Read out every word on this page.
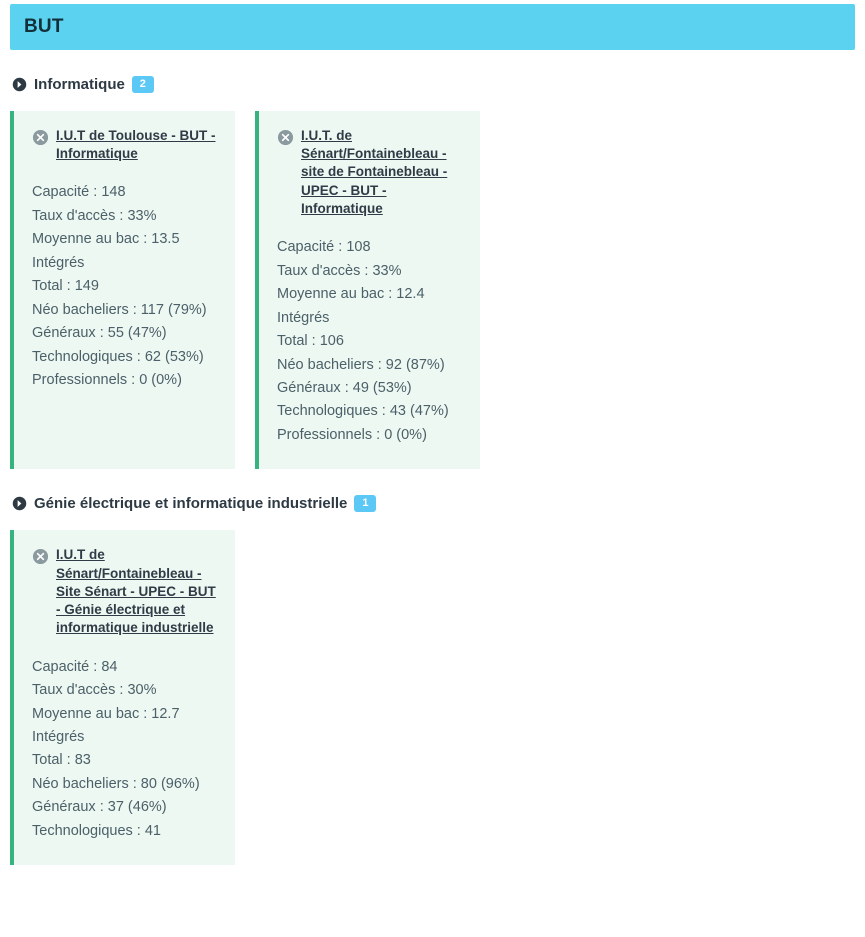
BUT
Informatique	2
I.U.T de Toulouse - BUT - Informatique
Capacité : 148
Taux d'accès : 33%
Moyenne au bac : 13.5
Intégrés
Total : 149
Néo bacheliers : 117 (79%)
Généraux : 55 (47%)
Technologiques : 62 (53%)
Professionnels : 0 (0%)
I.U.T. de Sénart/Fontainebleau - site de Fontainebleau - UPEC - BUT - Informatique
Capacité : 108
Taux d'accès : 33%
Moyenne au bac : 12.4
Intégrés
Total : 106
Néo bacheliers : 92 (87%)
Généraux : 49 (53%)
Technologiques : 43 (47%)
Professionnels : 0 (0%)
Génie électrique et informatique industrielle	1
I.U.T de Sénart/Fontainebleau - Site Sénart - UPEC - BUT - Génie électrique et informatique industrielle
Capacité : 84
Taux d'accès : 30%
Moyenne au bac : 12.7
Intégrés
Total : 83
Néo bacheliers : 80 (96%)
Généraux : 37 (46%)
Technologiques : 41
